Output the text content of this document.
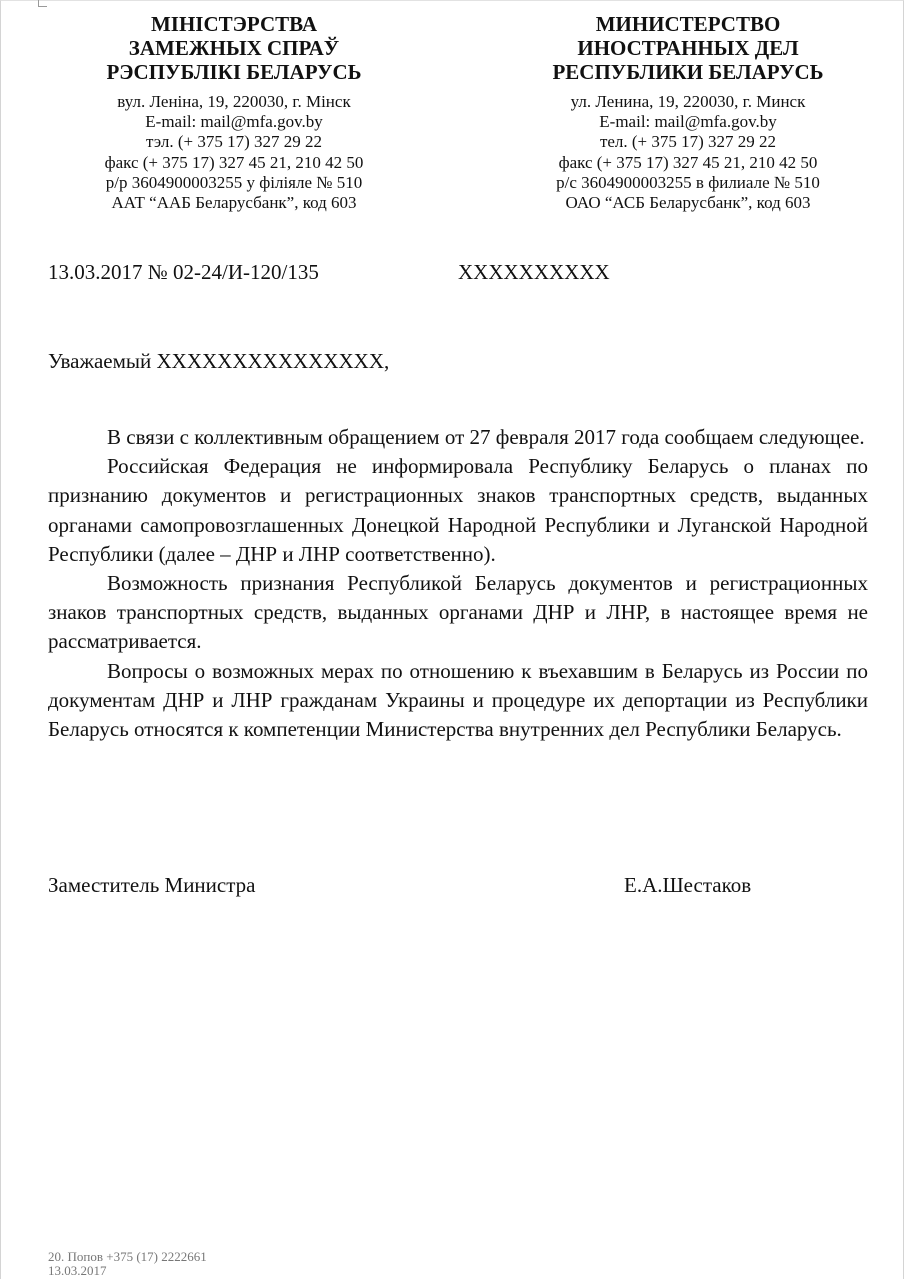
МІНІСТЭРСТВА
ЗАМЕЖНЫХ СПРАЎ
РЭСПУБЛІКІ БЕЛАРУСЬ
вул. Леніна, 19, 220030, г. Мінск
E-mail: mail@mfa.gov.by
тэл. (+ 375 17) 327 29 22
факс (+ 375 17) 327 45 21, 210 42 50
р/р 3604900003255 у філіяле № 510
ААТ “ААБ Беларусбанк”, код 603
МИНИСТЕРСТВО
ИНОСТРАННЫХ ДЕЛ
РЕСПУБЛИКИ БЕЛАРУСЬ
ул. Ленина, 19, 220030, г. Минск
E-mail: mail@mfa.gov.by
тел. (+ 375 17) 327 29 22
факс (+ 375 17) 327 45 21, 210 42 50
р/с 3604900003255 в филиале № 510
ОАО “АСБ Беларусбанк”, код 603
13.03.2017 № 02-24/И-120/135	XXXXXXXXXX
Уважаемый XXXXXXXXXXXXXXX,

В связи с коллективным обращением от 27 февраля 2017 года сообщаем следующее.

Российская Федерация не информировала Республику Беларусь о планах по признанию документов и регистрационных знаков транспортных средств, выданных органами самопровозглашенных Донецкой Народной Республики и Луганской Народной Республики (далее – ДНР и ЛНР соответственно).

Возможность признания Республикой Беларусь документов и регистрационных знаков транспортных средств, выданных органами ДНР и ЛНР, в настоящее время не рассматривается.

Вопросы о возможных мерах по отношению к въехавшим в Беларусь из России по документам ДНР и ЛНР гражданам Украины и процедуре их депортации из Республики Беларусь относятся к компетенции Министерства внутренних дел Республики Беларусь.

Заместитель Министра	Е.А.Шестаков
20. Попов +375 (17) 2222661
13.03.2017
